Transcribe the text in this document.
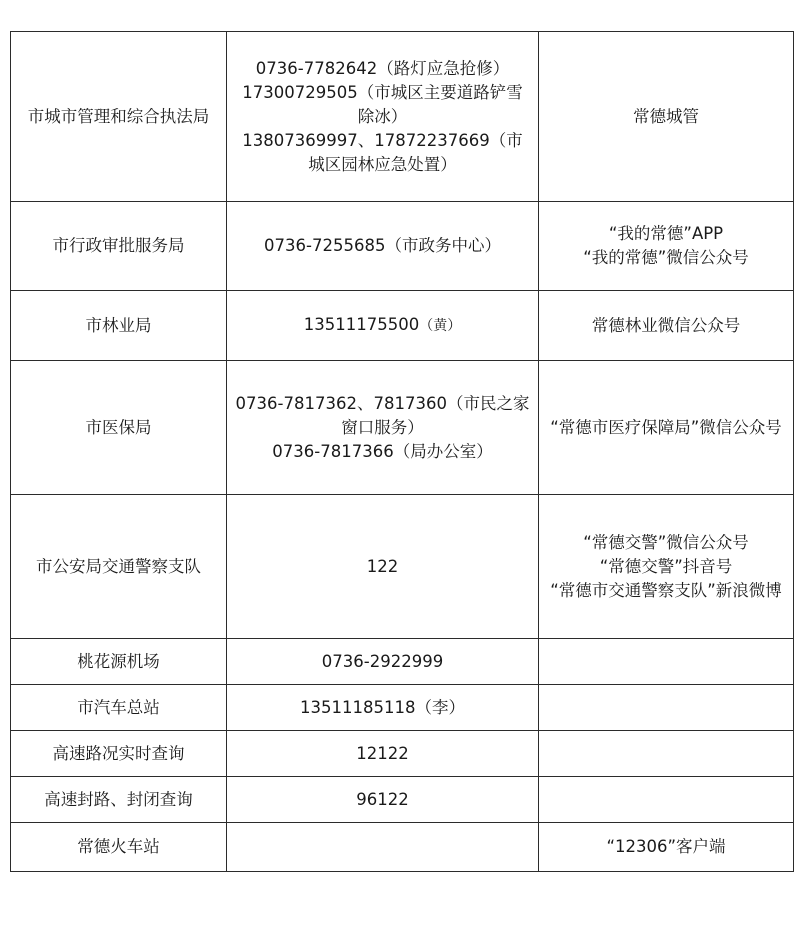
市城市管理和综合执法局	0736-7782642（路灯应急抢修）
17300729505（市城区主要道路铲雪除冰）
13807369997、17872237669（市城区园林应急处置）	常德城管

市行政审批服务局	0736-7255685（市政务中心）	“我的常德”APP
“我的常德”微信公众号

市林业局	13511175500（黄）	常德林业微信公众号

市医保局	0736-7817362、7817360（市民之家窗口服务）
0736-7817366（局办公室）	“常德市医疗保障局”微信公众号

市公安局交通警察支队	122	“常德交警”微信公众号
“常德交警”抖音号
“常德市交通警察支队”新浪微博

桃花源机场	0736-2922999	

市汽车总站	13511185118（李）	

高速路况实时查询	12122	

高速封路、封闭查询	96122	

常德火车站		“12306”客户端
